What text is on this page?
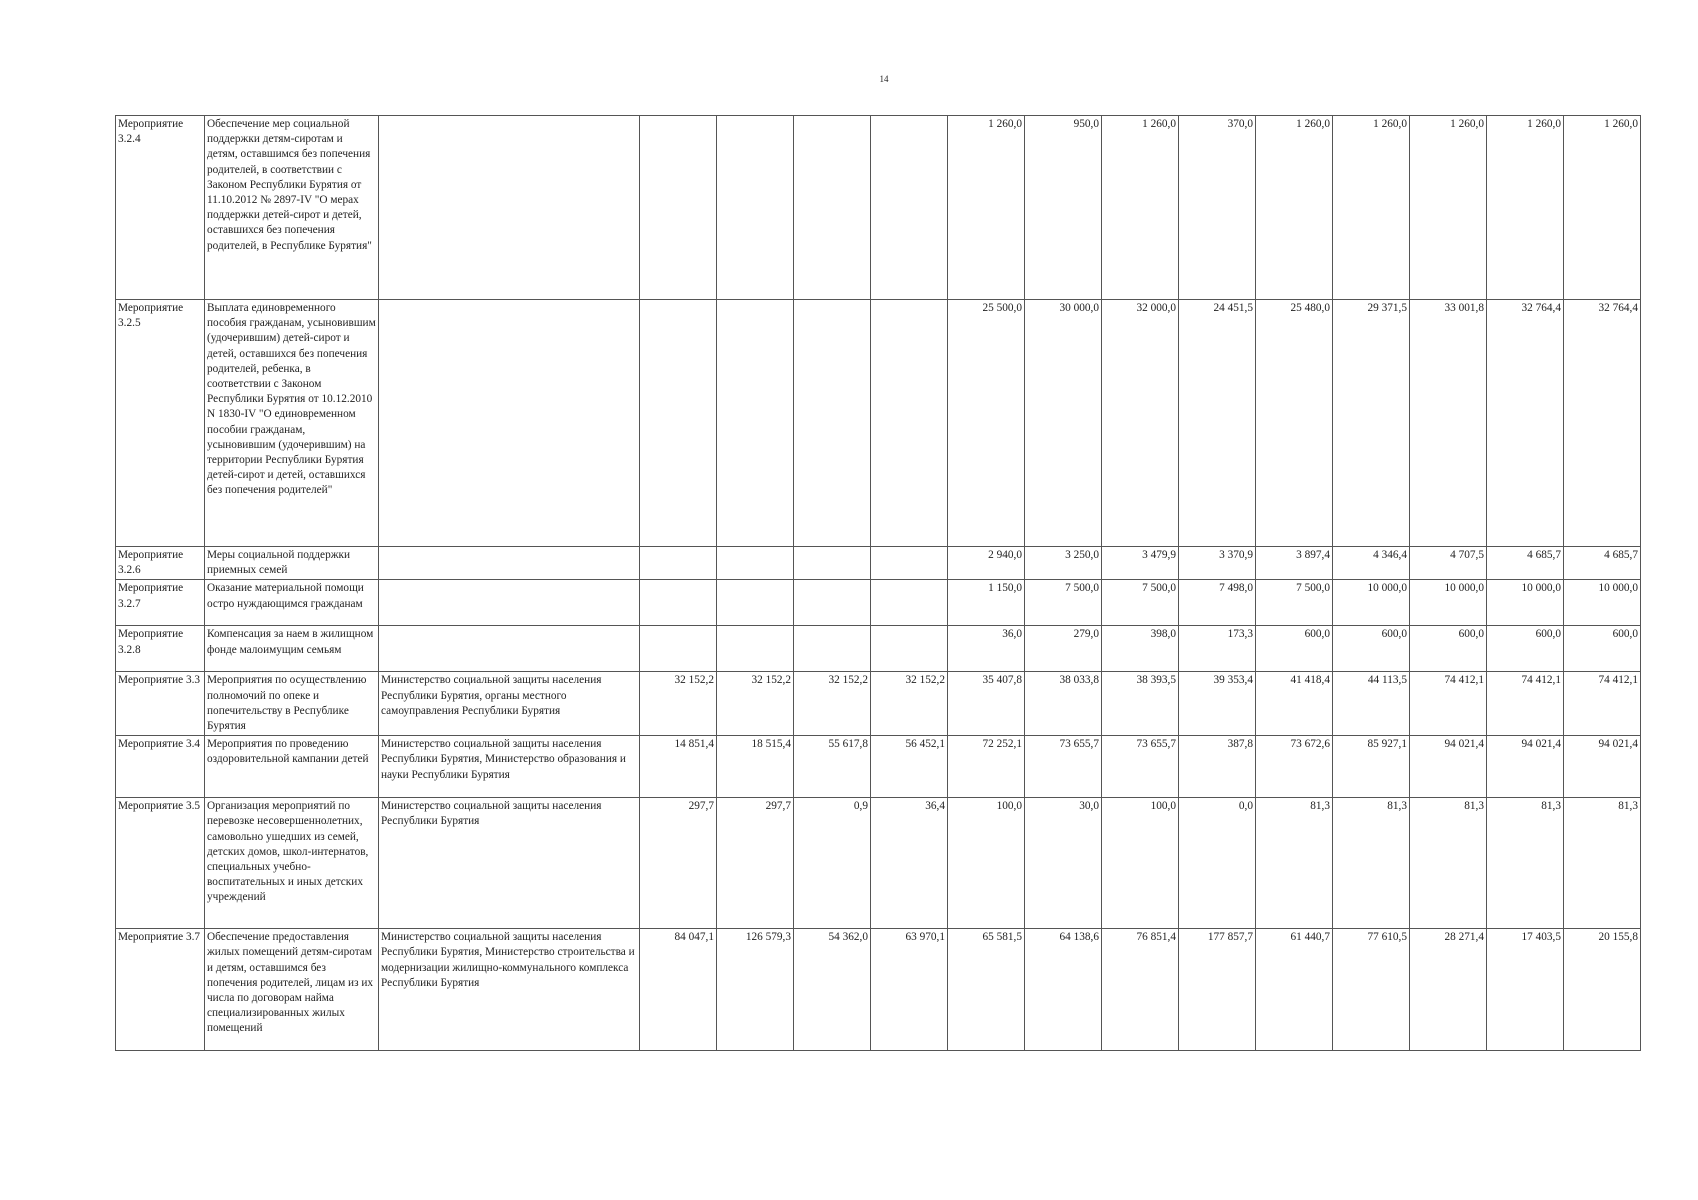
14
Мероприятие 3.2.4	Обеспечение мер социальной поддержки детям-сиротам и детям, оставшимся без попечения родителей, в соответствии с Законом Республики Бурятия от 11.10.2012 № 2897-IV "О мерах поддержки детей-сирот и детей, оставшихся без попечения родителей, в Республике Бурятия"						1 260,0	950,0	1 260,0	370,0	1 260,0	1 260,0	1 260,0	1 260,0	1 260,0
Мероприятие 3.2.5	Выплата единовременного пособия гражданам, усыновившим (удочерившим) детей-сирот и детей, оставшихся без попечения родителей, ребенка, в соответствии с Законом Республики Бурятия от 10.12.2010 N 1830-IV "О единовременном пособии гражданам, усыновившим (удочерившим) на территории Республики Бурятия детей-сирот и детей, оставшихся без попечения родителей"						25 500,0	30 000,0	32 000,0	24 451,5	25 480,0	29 371,5	33 001,8	32 764,4	32 764,4
Мероприятие 3.2.6	Меры социальной поддержки приемных семей						2 940,0	3 250,0	3 479,9	3 370,9	3 897,4	4 346,4	4 707,5	4 685,7	4 685,7
Мероприятие 3.2.7	Оказание материальной помощи остро нуждающимся гражданам						1 150,0	7 500,0	7 500,0	7 498,0	7 500,0	10 000,0	10 000,0	10 000,0	10 000,0
Мероприятие 3.2.8	Компенсация за наем в жилищном фонде малоимущим семьям						36,0	279,0	398,0	173,3	600,0	600,0	600,0	600,0	600,0
Мероприятие 3.3	Мероприятия по осуществлению полномочий по опеке и попечительству в Республике Бурятия	Министерство социальной защиты населения Республики Бурятия, органы местного самоуправления Республики Бурятия	32 152,2	32 152,2	32 152,2	32 152,2	35 407,8	38 033,8	38 393,5	39 353,4	41 418,4	44 113,5	74 412,1	74 412,1	74 412,1
Мероприятие 3.4	Мероприятия по проведению оздоровительной кампании детей	Министерство социальной защиты населения Республики Бурятия, Министерство образования и науки Республики Бурятия	14 851,4	18 515,4	55 617,8	56 452,1	72 252,1	73 655,7	73 655,7	387,8	73 672,6	85 927,1	94 021,4	94 021,4	94 021,4
Мероприятие 3.5	Организация мероприятий по перевозке несовершеннолетних, самовольно ушедших из семей, детских домов, школ-интернатов, специальных учебно-воспитательных и иных детских учреждений	Министерство социальной защиты населения Республики Бурятия	297,7	297,7	0,9	36,4	100,0	30,0	100,0	0,0	81,3	81,3	81,3	81,3	81,3
Мероприятие 3.7	Обеспечение предоставления жилых помещений детям-сиротам и детям, оставшимся без попечения родителей, лицам из их числа по договорам найма специализированных жилых помещений	Министерство социальной защиты населения Республики Бурятия, Министерство строительства и модернизации жилищно-коммунального комплекса Республики Бурятия	84 047,1	126 579,3	54 362,0	63 970,1	65 581,5	64 138,6	76 851,4	177 857,7	61 440,7	77 610,5	28 271,4	17 403,5	20 155,8
